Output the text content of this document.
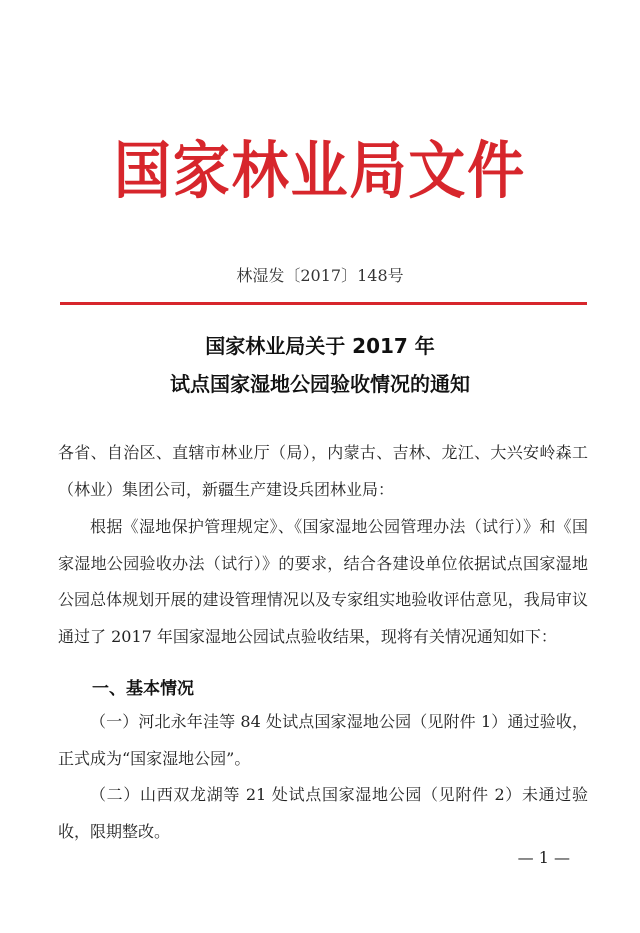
国家林业局文件
林湿发〔2017〕148号
国家林业局关于 2017 年
试点国家湿地公园验收情况的通知

各省、自治区、直辖市林业厅（局），内蒙古、吉林、龙江、大兴安岭森工（林业）集团公司，新疆生产建设兵团林业局：

根据《湿地保护管理规定》、《国家湿地公园管理办法（试行）》和《国家湿地公园验收办法（试行）》的要求，结合各建设单位依据试点国家湿地公园总体规划开展的建设管理情况以及专家组实地验收评估意见，我局审议通过了 2017 年国家湿地公园试点验收结果，现将有关情况通知如下：

一、基本情况

（一）河北永年洼等 84 处试点国家湿地公园（见附件 1）通过验收，正式成为“国家湿地公园”。

（二）山西双龙湖等 21 处试点国家湿地公园（见附件 2）未通过验收，限期整改。

— 1 —
